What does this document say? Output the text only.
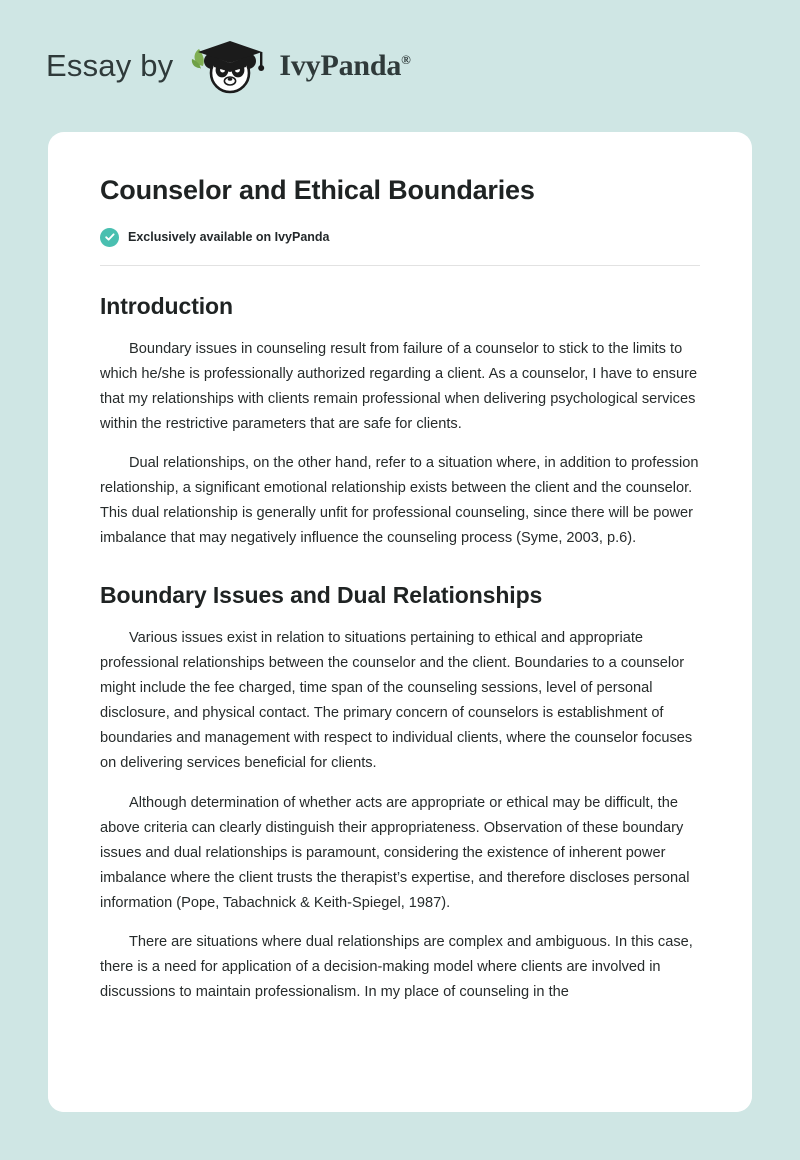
Essay by	IvyPanda®
Counselor and Ethical Boundaries
Exclusively available on IvyPanda
Introduction

Boundary issues in counseling result from failure of a counselor to stick to the limits to which he/she is professionally authorized regarding a client. As a counselor, I have to ensure that my relationships with clients remain professional when delivering psychological services within the restrictive parameters that are safe for clients.

Dual relationships, on the other hand, refer to a situation where, in addition to profession relationship, a significant emotional relationship exists between the client and the counselor. This dual relationship is generally unfit for professional counseling, since there will be power imbalance that may negatively influence the counseling process (Syme, 2003, p.6).

Boundary Issues and Dual Relationships

Various issues exist in relation to situations pertaining to ethical and appropriate professional relationships between the counselor and the client. Boundaries to a counselor might include the fee charged, time span of the counseling sessions, level of personal disclosure, and physical contact. The primary concern of counselors is establishment of boundaries and management with respect to individual clients, where the counselor focuses on delivering services beneficial for clients.

Although determination of whether acts are appropriate or ethical may be difficult, the above criteria can clearly distinguish their appropriateness. Observation of these boundary issues and dual relationships is paramount, considering the existence of inherent power imbalance where the client trusts the therapist’s expertise, and therefore discloses personal information (Pope, Tabachnick & Keith-Spiegel, 1987).

There are situations where dual relationships are complex and ambiguous. In this case, there is a need for application of a decision-making model where clients are involved in discussions to maintain professionalism. In my place of counseling in the
